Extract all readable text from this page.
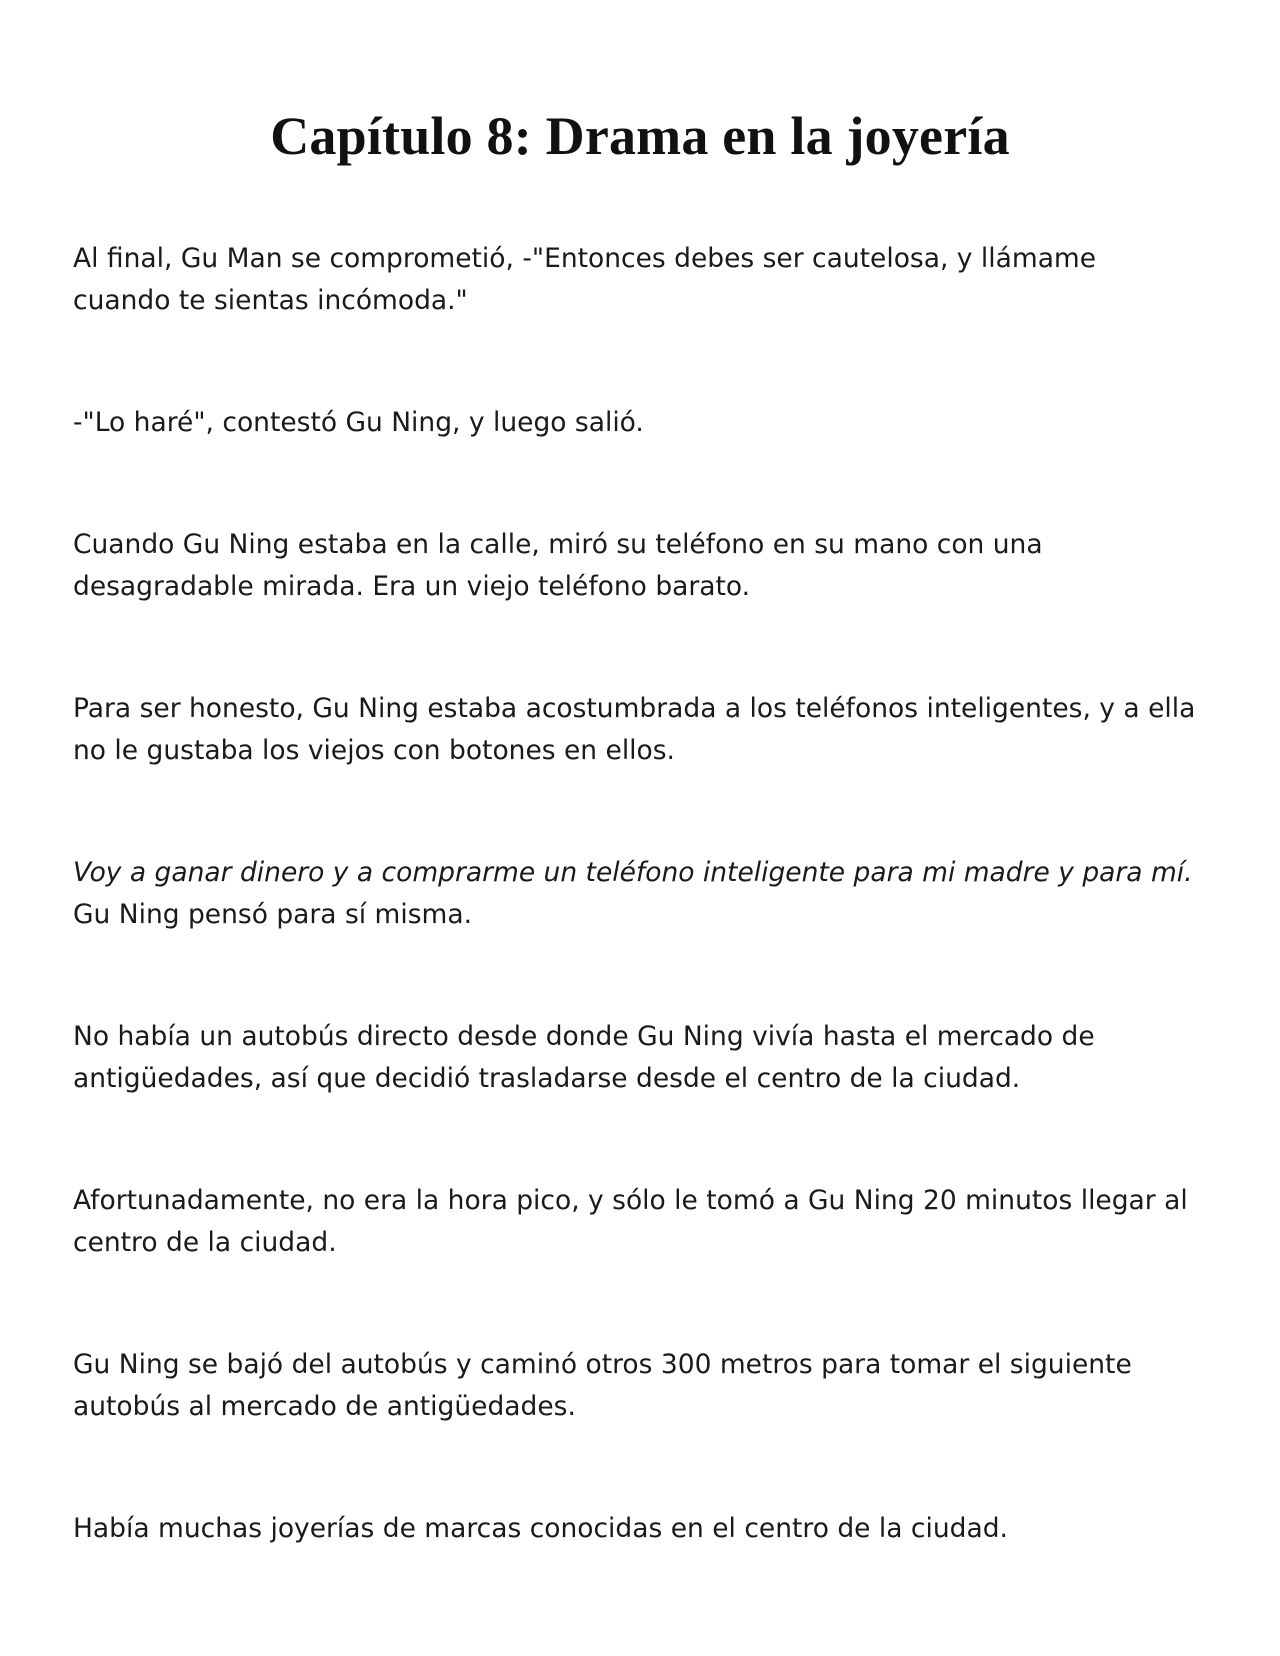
Capítulo 8: Drama en la joyería

Al final, Gu Man se comprometió, -"Entonces debes ser cautelosa, y llámame
cuando te sientas incómoda."

-"Lo haré", contestó Gu Ning, y luego salió.

Cuando Gu Ning estaba en la calle, miró su teléfono en su mano con una
desagradable mirada. Era un viejo teléfono barato.

Para ser honesto, Gu Ning estaba acostumbrada a los teléfonos inteligentes, y a ella
no le gustaba los viejos con botones en ellos.

Voy a ganar dinero y a comprarme un teléfono inteligente para mi madre y para mí.
Gu Ning pensó para sí misma.

No había un autobús directo desde donde Gu Ning vivía hasta el mercado de
antigüedades, así que decidió trasladarse desde el centro de la ciudad.

Afortunadamente, no era la hora pico, y sólo le tomó a Gu Ning 20 minutos llegar al
centro de la ciudad.

Gu Ning se bajó del autobús y caminó otros 300 metros para tomar el siguiente
autobús al mercado de antigüedades.

Había muchas joyerías de marcas conocidas en el centro de la ciudad.
